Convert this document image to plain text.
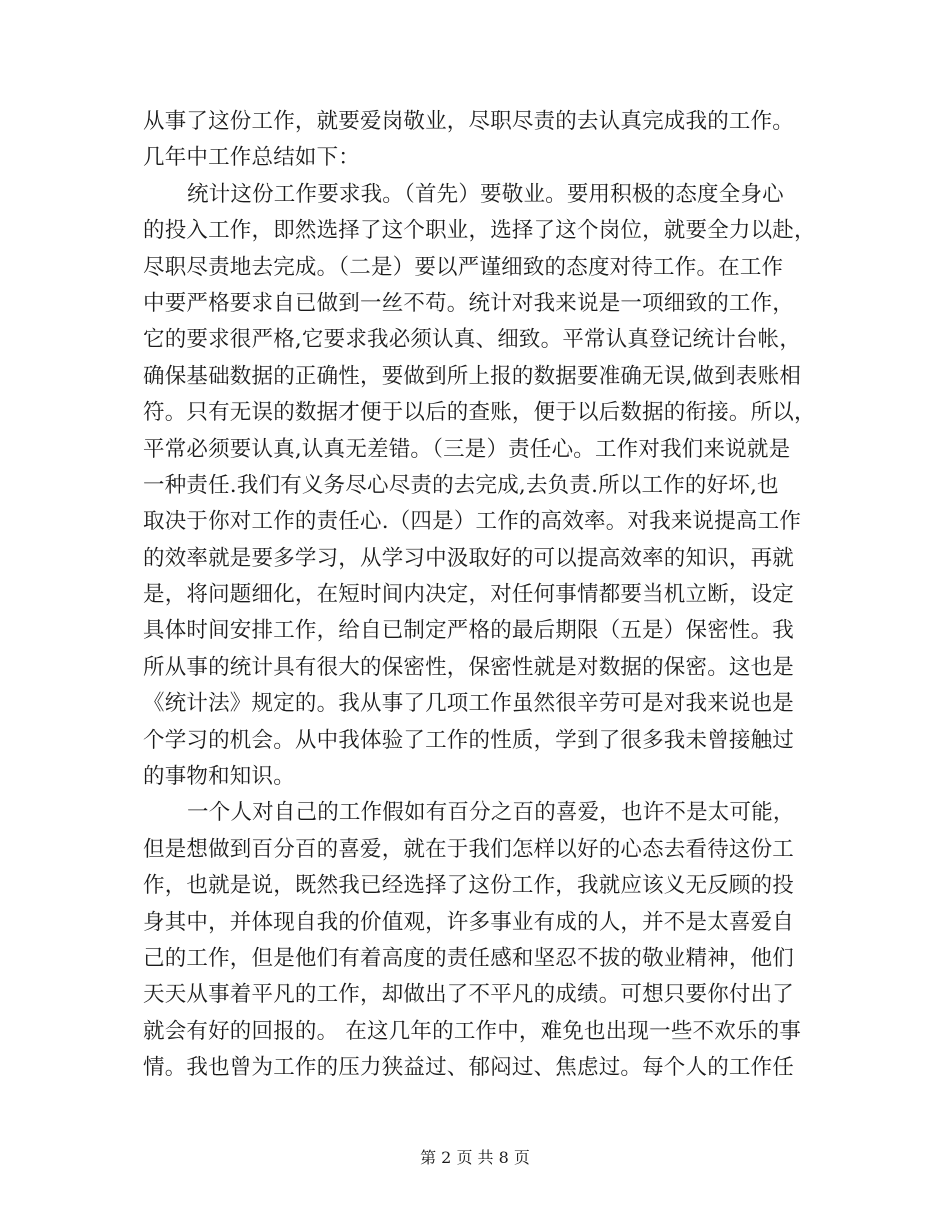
从事了这份工作，就要爱岗敬业，尽职尽责的去认真完成我的工作。
几年中工作总结如下：
统计这份工作要求我。（首先）要敬业。要用积极的态度全身心
的投入工作，即然选择了这个职业，选择了这个岗位，就要全力以赴，
尽职尽责地去完成。（二是）要以严谨细致的态度对待工作。在工作
中要严格要求自已做到一丝不苟。统计对我来说是一项细致的工作，
它的要求很严格,它要求我必须认真、细致。平常认真登记统计台帐，
确保基础数据的正确性，要做到所上报的数据要准确无误,做到表账相
符。只有无误的数据才便于以后的查账，便于以后数据的衔接。所以，
平常必须要认真,认真无差错。（三是）责任心。工作对我们来说就是
一种责任.我们有义务尽心尽责的去完成,去负责.所以工作的好坏,也
取决于你对工作的责任心.（四是）工作的高效率。对我来说提高工作
的效率就是要多学习，从学习中汲取好的可以提高效率的知识，再就
是，将问题细化，在短时间内决定，对任何事情都要当机立断，设定
具体时间安排工作，给自已制定严格的最后期限（五是）保密性。我
所从事的统计具有很大的保密性，保密性就是对数据的保密。这也是
《统计法》规定的。我从事了几项工作虽然很辛劳可是对我来说也是
个学习的机会。从中我体验了工作的性质，学到了很多我未曾接触过
的事物和知识。
一个人对自己的工作假如有百分之百的喜爱，也许不是太可能，
但是想做到百分百的喜爱，就在于我们怎样以好的心态去看待这份工
作，也就是说，既然我已经选择了这份工作，我就应该义无反顾的投
身其中，并体现自我的价值观，许多事业有成的人，并不是太喜爱自
己的工作，但是他们有着高度的责任感和坚忍不拔的敬业精神，他们
天天从事着平凡的工作，却做出了不平凡的成绩。可想只要你付出了
就会有好的回报的。 在这几年的工作中，难免也出现一些不欢乐的事
情。我也曾为工作的压力狭益过、郁闷过、焦虑过。每个人的工作任
第 2 页 共 8 页
